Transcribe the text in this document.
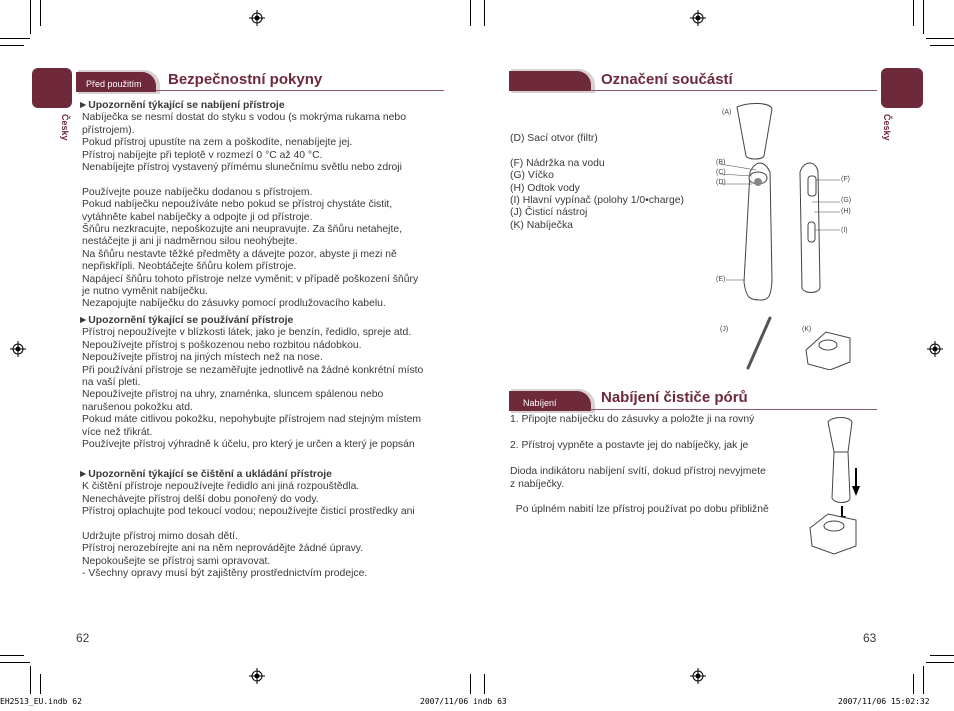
Česky
Před použitím	Bezpečnostní pokyny
►Upozornění týkající se nabíjení přístroje
Nabíječka se nesmí dostat do styku s vodou (s mokrýma rukama nebo
přístrojem).
Pokud přístroj upustíte na zem a poškodíte, nenabíjejte jej.
Přístroj nabíjejte při teplotě v rozmezí 0 °C až 40 °C.
Nenabíjejte přístroj vystavený přímému slunečnímu světlu nebo zdroji
Používejte pouze nabíječku dodanou s přístrojem.
Pokud nabíječku nepoužíváte nebo pokud se přístroj chystáte čistit,
vytáhněte kabel nabíječky a odpojte ji od přístroje.
Šňůru nezkracujte, nepoškozujte ani neupravujte. Za šňůru netahejte,
nestáčejte ji ani ji nadměrnou silou neohýbejte.
Na šňůru nestavte těžké předměty a dávejte pozor, abyste ji mezi ně
nepřiskřípli. Neobtáčejte šňůru kolem přístroje.
Napájecí šňůru tohoto přístroje nelze vyměnit; v případě poškození šňůry
je nutno vyměnit nabíječku.
Nezapojujte nabíječku do zásuvky pomocí prodlužovacího kabelu.
►Upozornění týkající se používání přístroje
Přístroj nepoužívejte v blízkosti látek, jako je benzín, ředidlo, spreje atd.
Nepoužívejte přístroj s poškozenou nebo rozbitou nádobkou.
Nepoužívejte přístroj na jiných místech než na nose.
Při používání přístroje se nezaměřujte jednotlivě na žádné konkrétní místo
na vaší pleti.
Nepoužívejte přístroj na uhry, znaménka, sluncem spálenou nebo
narušenou pokožku atd.
Pokud máte citlivou pokožku, nepohybujte přístrojem nad stejným místem
více než třikrát.
Používejte přístroj výhradně k účelu, pro který je určen a který je popsán
►Upozornění týkající se čištění a ukládání přístroje
K čištění přístroje nepoužívejte ředidlo ani jiná rozpouštědla.
Nenechávejte přístroj delší dobu ponořený do vody.
Přístroj oplachujte pod tekoucí vodou; nepoužívejte čisticí prostředky ani
Udržujte přístroj mimo dosah dětí.
Přístroj nerozebírejte ani na něm neprovádějte žádné úpravy.
Nepokoušejte se přístroj sami opravovat.
- Všechny opravy musí být zajištěny prostřednictvím prodejce.
62
Česky
Označení součástí
(D) Sací otvor (filtr)
(F) Nádržka na vodu
(G) Víčko
(H) Odtok vody
(I) Hlavní vypínač (polohy 1/0•charge)
(J) Čisticí nástroj
(K) Nabíječka
(A)
(B)
(C)
(D)
(E)
(F)
(G)
(H)
(I)
(J)	(K)
Nabíjení	Nabíjení čističe pórů
1. Připojte nabíječku do zásuvky a položte ji na rovný
2. Přístroj vypněte a postavte jej do nabíječky, jak je
Dioda indikátoru nabíjení svítí, dokud přístroj nevyjmete
z nabíječky.
Po úplném nabití lze přístroj používat po dobu přibližně
63
EH2513_EU.indb 62	2007/11/06 indb 63	2007/11/06 15:02:32
